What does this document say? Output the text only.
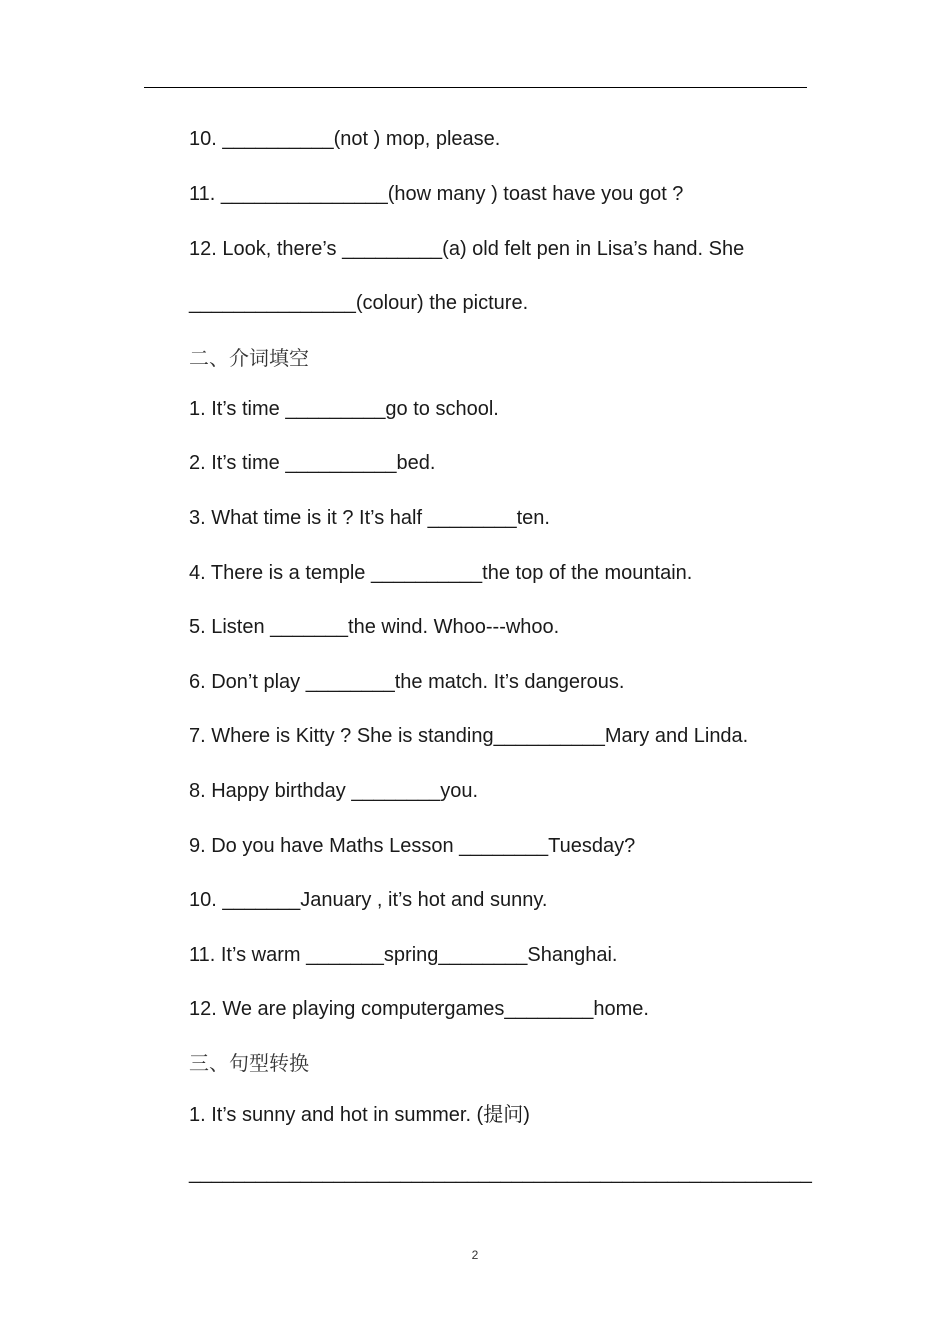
10. __________(not ) mop, please.
11. _______________(how many ) toast have you got ?
12. Look, there’s _________(a) old felt pen in Lisa’s hand. She
_______________(colour) the picture.
二、介词填空
1. It’s time _________go to school.
2. It’s time __________bed.
3. What time is it ? It’s half ________ten.
4. There is a temple __________the top of the mountain.
5. Listen _______the wind. Whoo---whoo.
6. Don’t play ________the match. It’s dangerous.
7. Where is Kitty ? She is standing__________Mary and Linda.
8. Happy birthday ________you.
9. Do you have Maths Lesson ________Tuesday?
10. _______January , it’s hot and sunny.
11. It’s warm _______spring________Shanghai.
12. We are playing computergames________home.
三、句型转换
1. It’s sunny and hot in summer. (提问)
________________________________________________________
2
